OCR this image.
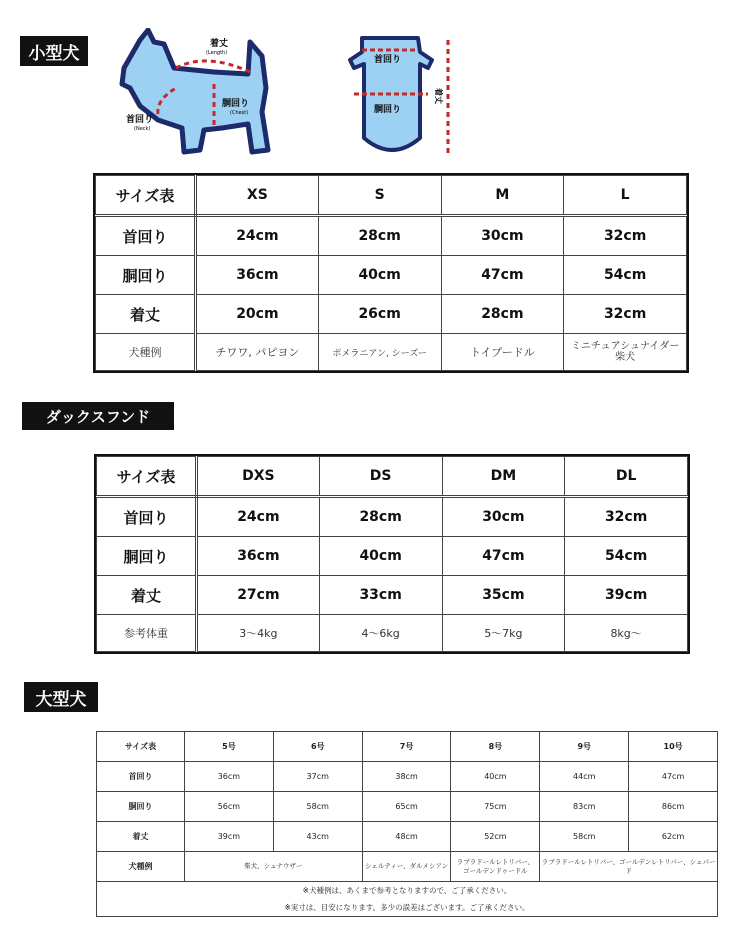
小型犬	着丈
(Length)
胴回り
(Chest)
首回り
(Neck)
首回り
胴回り
着丈
サイズ表	XS	S	M	L
首回り	24cm	28cm	30cm	32cm
胴回り	36cm	40cm	47cm	54cm
着丈	20cm	26cm	28cm	32cm
犬種例	チワワ, パピヨン	ポメラニアン, シーズー	トイプードル	ミニチュアシュナイダー
柴犬
ダックスフンド
サイズ表	DXS	DS	DM	DL
首回り	24cm	28cm	30cm	32cm
胴回り	36cm	40cm	47cm	54cm
着丈	27cm	33cm	35cm	39cm
参考体重	3〜4kg	4〜6kg	5〜7kg	8kg〜
大型犬
サイズ表	5号	6号	7号	8号	9号	10号
首回り	36cm	37cm	38cm	40cm	44cm	47cm
胴回り	56cm	58cm	65cm	75cm	83cm	86cm
着丈	39cm	43cm	48cm	52cm	58cm	62cm
犬種例	柴犬、シュナウザー		シェルティー、ダルメシアン	ラブラドールレトリバー、
ゴールデンドゥードル	ラブラドールレトリバー、ゴールデンレトリバー、シェパード	
※犬種例は、あくまで参考となりますので、ご了承ください。						
※実寸は、目安になります。多少の誤差はございます。ご了承ください。						
